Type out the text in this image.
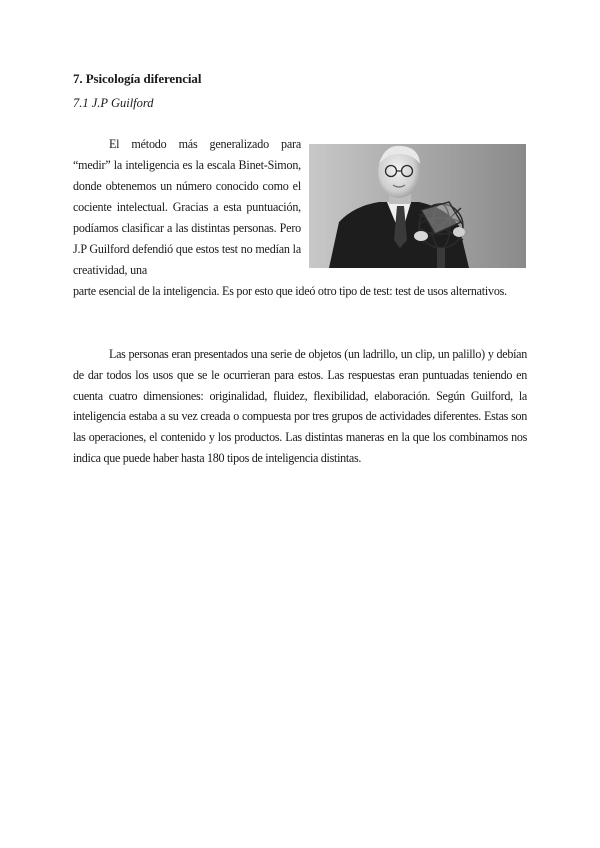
7. Psicología diferencial
7.1 J.P Guilford
El método más generalizado para “medir” la inteligencia es la escala Binet-Simon, donde obtenemos un número conocido como el cociente intelectual. Gracias a esta puntuación, podíamos clasificar a las distintas personas. Pero J.P Guilford defendió que estos test no medían la creatividad, una
parte esencial de la inteligencia. Es por esto que ideó otro tipo de test: test de usos alternativos.
Las personas eran presentados una serie de objetos (un ladrillo, un clip, un palillo) y debían de dar todos los usos que se le ocurrieran para estos. Las respuestas eran puntuadas teniendo en cuenta cuatro dimensiones: originalidad, fluidez, flexibilidad, elaboración. Según Guilford, la inteligencia estaba a su vez creada o compuesta por tres grupos de actividades diferentes. Estas son las operaciones, el contenido y los productos. Las distintas maneras en la que los combinamos nos indica que puede haber hasta 180 tipos de inteligencia distintas.
